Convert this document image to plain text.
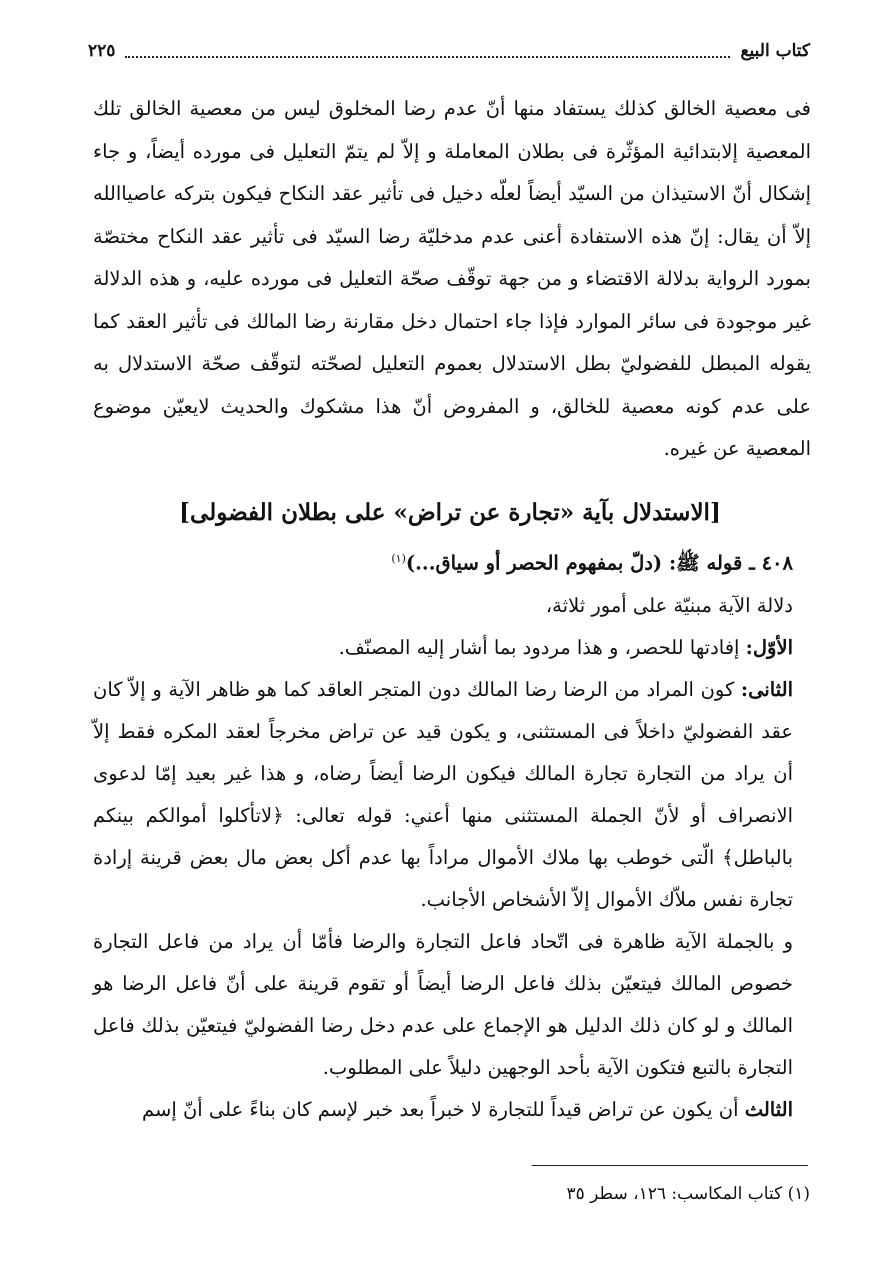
كتاب البيع
٢٢٥

فى معصية الخالق كذلك يستفاد منها أنّ عدم رضا المخلوق ليس من معصية الخالق تلك المعصية إلابتدائية المؤثّرة فى بطلان المعاملة و إلاّ لم يتمّ التعليل فى مورده أيضاً، و جاء إشكال أنّ الاستيذان من السيّد أيضاً لعلّه دخيل فى تأثير عقد النكاح فيكون بتركه عاصياالله إلاّ أن يقال: إنّ هذه الاستفادة أعنى عدم مدخليّة رضا السيّد فى تأثير عقد النكاح مختصّة بمورد الرواية بدلالة الاقتضاء و من جهة توقّف صحّة التعليل فى مورده عليه، و هذه الدلالة غير موجودة فى سائر الموارد فإذا جاء احتمال دخل مقارنة رضا المالك فى تأثير العقد كما يقوله المبطل للفضوليّ بطل الاستدلال بعموم التعليل لصحّته لتوقّف صحّة الاستدلال به على عدم كونه معصية للخالق، و المفروض أنّ هذا مشكوك والحديث لايعيّن موضوع المعصية عن غيره.

[الاستدلال بآية «تجارة عن تراض» على بطلان الفضولى]

٤٠٨ ـ قوله ﷺ: (دلّ بمفهوم الحصر أو سياق...)$^{(١)}$

دلالة الآية مبنيّة على أمور ثلاثة،

الأوّل: إفادتها للحصر، و هذا مردود بما أشار إليه المصنّف.

الثانى: كون المراد من الرضا رضا المالك دون المتجر العاقد كما هو ظاهر الآية و إلاّ كان عقد الفضوليّ داخلاً فى المستثنى، و يكون قيد عن تراض مخرجاً لعقد المكره فقط إلاّ أن يراد من التجارة تجارة المالك فيكون الرضا أيضاً رضاه، و هذا غير بعيد إمّا لدعوى الانصراف أو لأنّ الجملة المستثنى منها أعني: قوله تعالى: ﴿لاتأكلوا أموالكم بينكم بالباطل﴾ الّتى خوطب بها ملاك الأموال مراداً بها عدم أكل بعض مال بعض قرينة إرادة تجارة نفس ملاّك الأموال إلاّ الأشخاص الأجانب.

و بالجملة الآية ظاهرة فى اتّحاد فاعل التجارة والرضا فأمّا أن يراد من فاعل التجارة خصوص المالك فيتعيّن بذلك فاعل الرضا أيضاً أو تقوم قرينة على أنّ فاعل الرضا هو المالك و لو كان ذلك الدليل هو الإجماع على عدم دخل رضا الفضوليّ فيتعيّن بذلك فاعل التجارة بالتبع فتكون الآية بأحد الوجهين دليلاً على المطلوب.

الثالث أن يكون عن تراض قيداً للتجارة لا خبراً بعد خبر لإسم كان بناءً على أنّ إسم

(١) كتاب المكاسب: ١٢٦، سطر ٣٥
